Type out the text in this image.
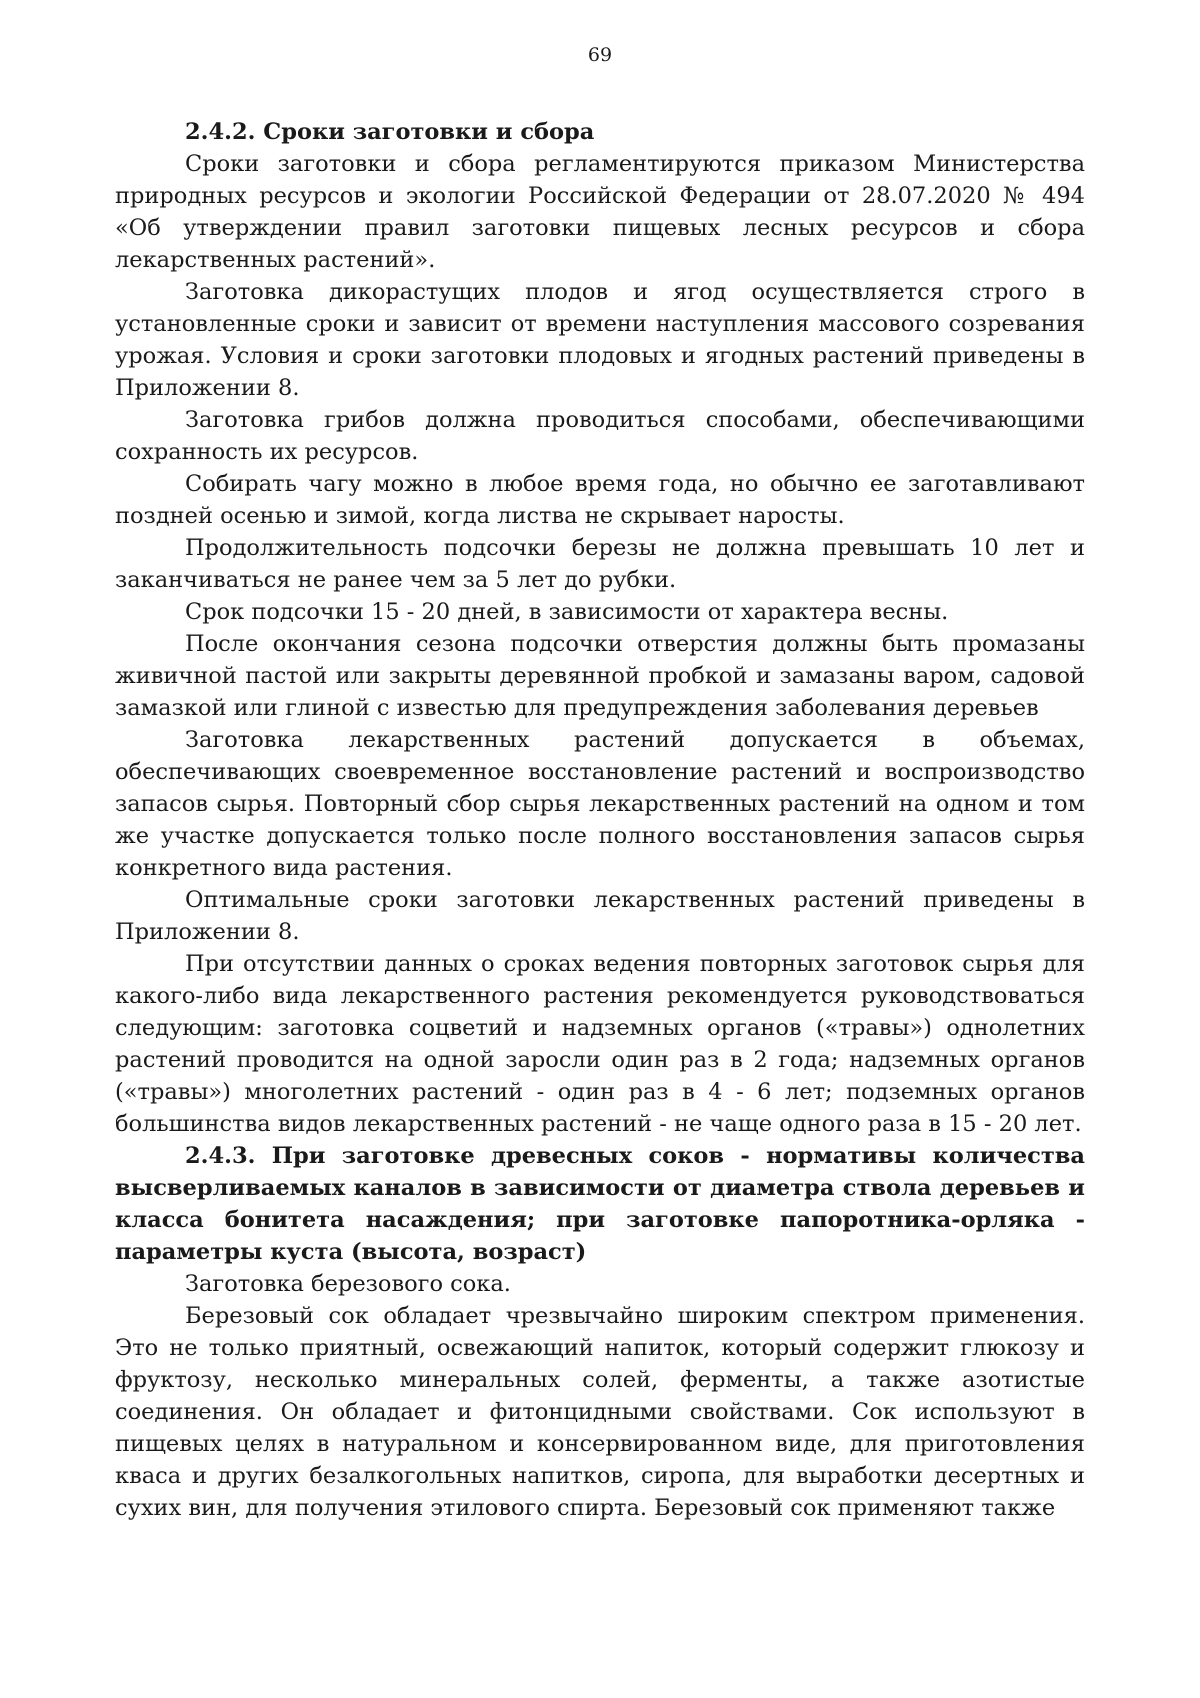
69
2.4.2. Сроки заготовки и сбора

Сроки заготовки и сбора регламентируются приказом Министерства природных ресурсов и экологии Российской Федерации от 28.07.2020 № 494 «Об утверждении правил заготовки пищевых лесных ресурсов и сбора лекарственных растений».

Заготовка дикорастущих плодов и ягод осуществляется строго в установленные сроки и зависит от времени наступления массового созревания урожая. Условия и сроки заготовки плодовых и ягодных растений приведены в Приложении 8.

Заготовка грибов должна проводиться способами, обеспечивающими сохранность их ресурсов.

Собирать чагу можно в любое время года, но обычно ее заготавливают поздней осенью и зимой, когда листва не скрывает наросты.

Продолжительность подсочки березы не должна превышать 10 лет и заканчиваться не ранее чем за 5 лет до рубки.

Срок подсочки 15 - 20 дней, в зависимости от характера весны.

После окончания сезона подсочки отверстия должны быть промазаны живичной пастой или закрыты деревянной пробкой и замазаны варом, садовой замазкой или глиной с известью для предупреждения заболевания деревьев

Заготовка лекарственных растений допускается в объемах, обеспечивающих своевременное восстановление растений и воспроизводство запасов сырья. Повторный сбор сырья лекарственных растений на одном и том же участке допускается только после полного восстановления запасов сырья конкретного вида растения.

Оптимальные сроки заготовки лекарственных растений приведены в Приложении 8.

При отсутствии данных о сроках ведения повторных заготовок сырья для какого-либо вида лекарственного растения рекомендуется руководствоваться следующим: заготовка соцветий и надземных органов («травы») однолетних растений проводится на одной заросли один раз в 2 года; надземных органов («травы») многолетних растений - один раз в 4 - 6 лет; подземных органов большинства видов лекарственных растений - не чаще одного раза в 15 - 20 лет.

2.4.3. При заготовке древесных соков - нормативы количества высверливаемых каналов в зависимости от диаметра ствола деревьев и класса бонитета насаждения; при заготовке папоротника-орляка - параметры куста (высота, возраст)

Заготовка березового сока.

Березовый сок обладает чрезвычайно широким спектром применения. Это не только приятный, освежающий напиток, который содержит глюкозу и фруктозу, несколько минеральных солей, ферменты, а также азотистые соединения. Он обладает и фитонцидными свойствами. Сок используют в пищевых целях в натуральном и консервированном виде, для приготовления кваса и других безалкогольных напитков, сиропа, для выработки десертных и сухих вин, для получения этилового спирта. Березовый сок применяют также
